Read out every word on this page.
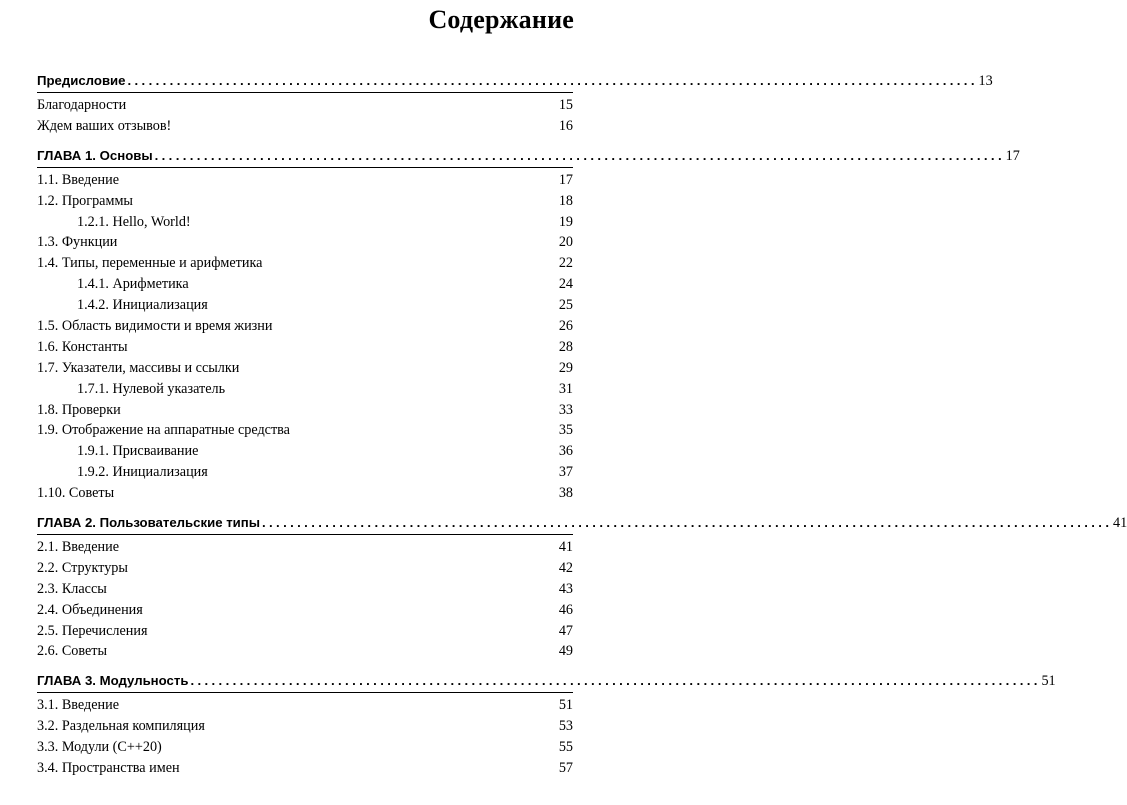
Содержание
Предисловие . . .	13
Благодарности	15
Ждем ваших отзывов!	16
ГЛАВА 1. Основы . . .	17
1.1. Введение	17
1.2. Программы	18
1.2.1. Hello, World!	19
1.3. Функции	20
1.4. Типы, переменные и арифметика	22
1.4.1. Арифметика	24
1.4.2. Инициализация	25
1.5. Область видимости и время жизни	26
1.6. Константы	28
1.7. Указатели, массивы и ссылки	29
1.7.1. Нулевой указатель	31
1.8. Проверки	33
1.9. Отображение на аппаратные средства	35
1.9.1. Присваивание	36
1.9.2. Инициализация	37
1.10. Советы	38
ГЛАВА 2. Пользовательские типы . . .	41
2.1. Введение	41
2.2. Структуры	42
2.3. Классы	43
2.4. Объединения	46
2.5. Перечисления	47
2.6. Советы	49
ГЛАВА 3. Модульность . . .	51
3.1. Введение	51
3.2. Раздельная компиляция	53
3.3. Модули (C++20)	55
3.4. Пространства имен	57
